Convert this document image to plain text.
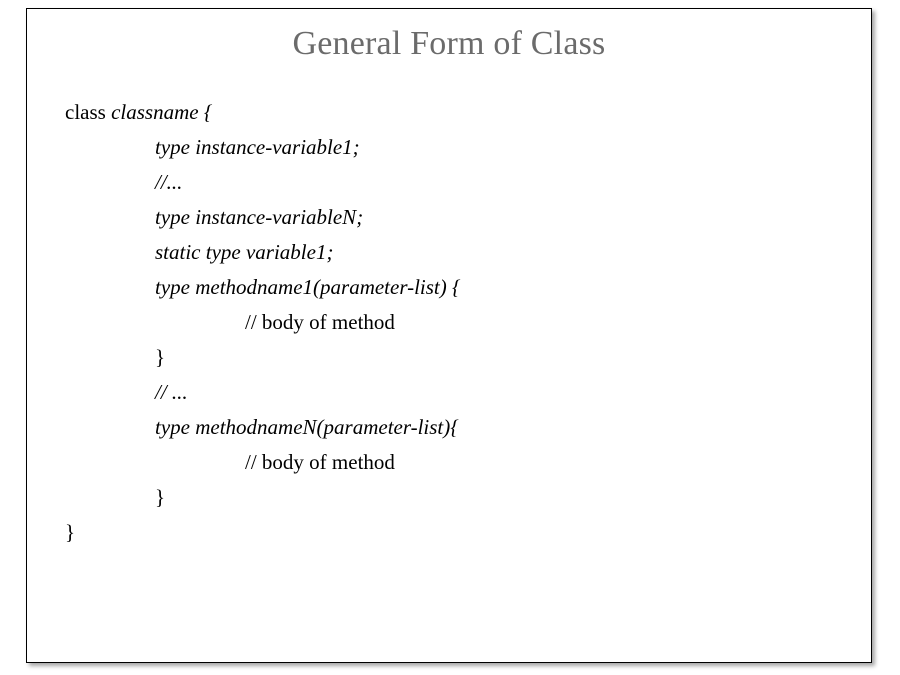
General Form of Class
class classname {
type instance-variable1;
//...
type instance-variableN;
static type variable1;
type methodname1(parameter-list) {
// body of method
}
// ...
type methodnameN(parameter-list){
// body of method
}
}
